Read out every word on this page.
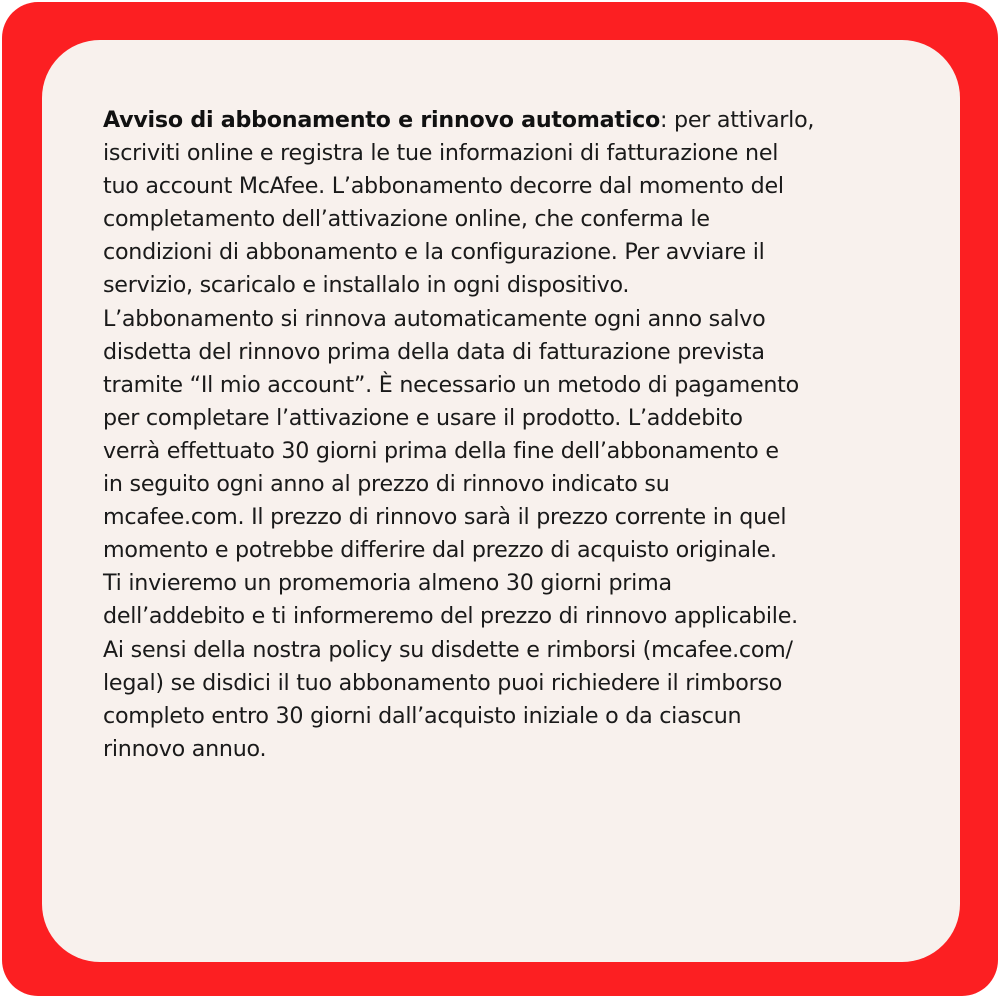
Avviso di abbonamento e rinnovo automatico: per attivarlo,
iscriviti online e registra le tue informazioni di fatturazione nel
tuo account McAfee. L’abbonamento decorre dal momento del
completamento dell’attivazione online, che conferma le
condizioni di abbonamento e la configurazione. Per avviare il
servizio, scaricalo e installalo in ogni dispositivo.
L’abbonamento si rinnova automaticamente ogni anno salvo
disdetta del rinnovo prima della data di fatturazione prevista
tramite “Il mio account”. È necessario un metodo di pagamento
per completare l’attivazione e usare il prodotto. L’addebito
verrà effettuato 30 giorni prima della fine dell’abbonamento e
in seguito ogni anno al prezzo di rinnovo indicato su
mcafee.com. Il prezzo di rinnovo sarà il prezzo corrente in quel
momento e potrebbe differire dal prezzo di acquisto originale.
Ti invieremo un promemoria almeno 30 giorni prima
dell’addebito e ti informeremo del prezzo di rinnovo applicabile.
Ai sensi della nostra policy su disdette e rimborsi (mcafee.com/
legal) se disdici il tuo abbonamento puoi richiedere il rimborso
completo entro 30 giorni dall’acquisto iniziale o da ciascun
rinnovo annuo.
